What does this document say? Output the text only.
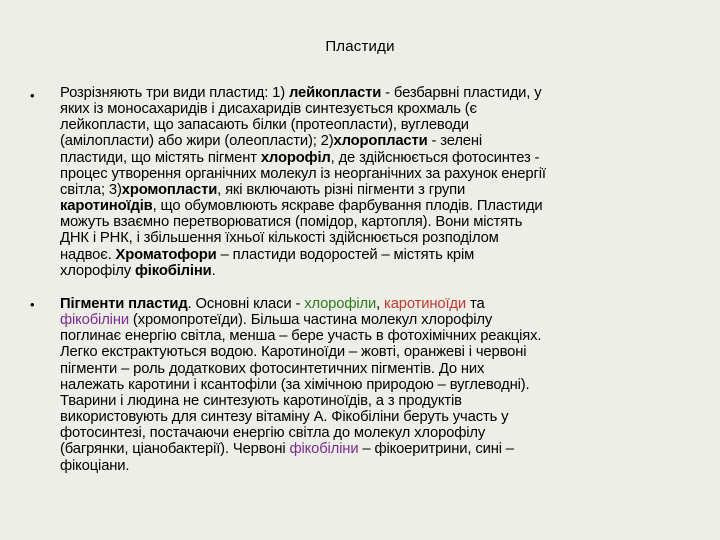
Пластиди
• Розрізняють три види пластид: 1) лейкопласти - безбарвні пластиди, у
яких із моносахаридів і дисахаридів синтезується крохмаль (є
лейкопласти, що запасають білки (протеопласти), вуглеводи
(амілопласти) або жири (олеопласти); 2)хлоропласти - зелені
пластиди, що містять пігмент хлорофіл, де здійснюється фотосинтез -
процес утворення органічних молекул із неорганічних за рахунок енергії
світла; 3)хромопласти, які включають різні пігменти з групи
каротиноїдів, що обумовлюють яскраве фарбування плодів. Пластиди
можуть взаємно перетворюватися (помідор, картопля). Вони містять
ДНК і РНК, і збільшення їхньої кількості здійснюється розподілом
надвоє. Хроматофори – пластиди водоростей – містять крім
хлорофілу фікобіліни.
• Пігменти пластид. Основні класи - хлорофіли, каротиноїди та
фікобіліни (хромопротеїди). Більша частина молекул хлорофілу
поглинає енергію світла, менша – бере участь в фотохімічних реакціях.
Легко екстрактуються водою. Каротиноїди – жовті, оранжеві і червоні
пігменти – роль додаткових фотосинтетичних пігментів. До них
належать каротини і ксантофіли (за хімічною природою – вуглеводні).
Тварини і людина не синтезують каротиноїдів, а з продуктів
використовують для синтезу вітаміну А. Фікобіліни беруть участь у
фотосинтезі, постачаючи енергію світла до молекул хлорофілу
(багрянки, ціанобактерії). Червоні фікобіліни – фікоеритрини, сині –
фікоціани.
